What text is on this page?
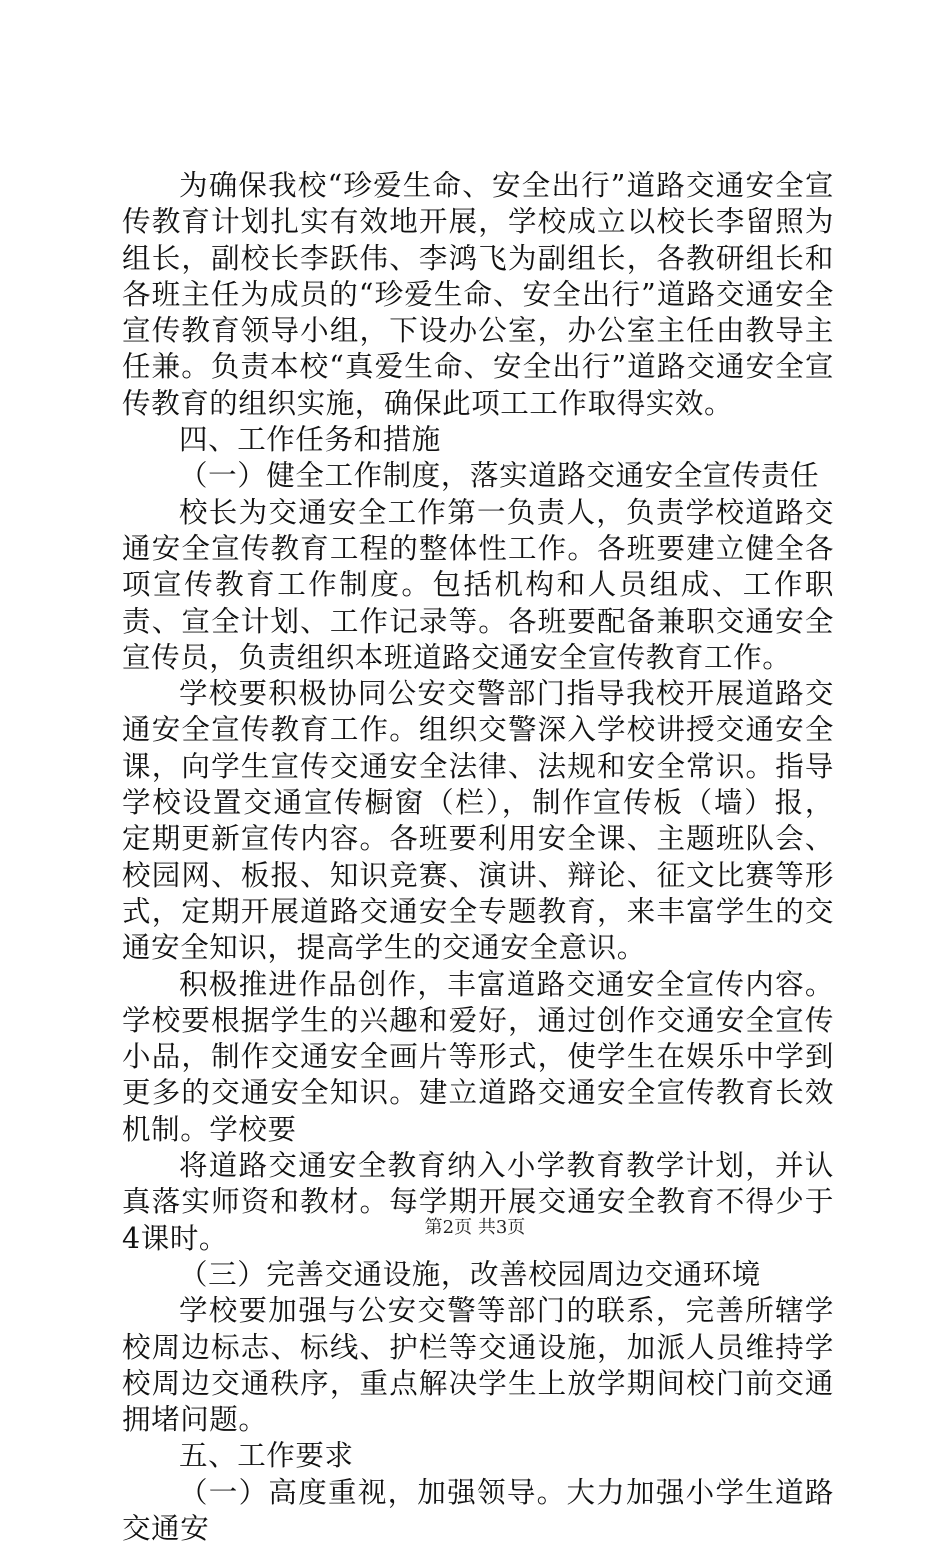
为确保我校“珍爱生命、安全出行”道路交通安全宣传教育计划扎实有效地开展，学校成立以校长李留照为组长，副校长李跃伟、李鸿飞为副组长，各教研组长和各班主任为成员的“珍爱生命、安全出行”道路交通安全宣传教育领导小组，下设办公室，办公室主任由教导主任兼。负责本校“真爱生命、安全出行”道路交通安全宣传教育的组织实施，确保此项工工作取得实效。

四、工作任务和措施

（一）健全工作制度，落实道路交通安全宣传责任

校长为交通安全工作第一负责人，负责学校道路交通安全宣传教育工程的整体性工作。各班要建立健全各项宣传教育工作制度。包括机构和人员组成、工作职责、宣全计划、工作记录等。各班要配备兼职交通安全宣传员，负责组织本班道路交通安全宣传教育工作。

学校要积极协同公安交警部门指导我校开展道路交通安全宣传教育工作。组织交警深入学校讲授交通安全课，向学生宣传交通安全法律、法规和安全常识。指导学校设置交通宣传橱窗（栏），制作宣传板（墙）报，定期更新宣传内容。各班要利用安全课、主题班队会、校园网、板报、知识竞赛、演讲、辩论、征文比赛等形式，定期开展道路交通安全专题教育，来丰富学生的交通安全知识，提高学生的交通安全意识。

积极推进作品创作，丰富道路交通安全宣传内容。学校要根据学生的兴趣和爱好，通过创作交通安全宣传小品，制作交通安全画片等形式，使学生在娱乐中学到更多的交通安全知识。建立道路交通安全宣传教育长效机制。学校要

将道路交通安全教育纳入小学教育教学计划，并认真落实师资和教材。每学期开展交通安全教育不得少于4课时。

（三）完善交通设施，改善校园周边交通环境

学校要加强与公安交警等部门的联系，完善所辖学校周边标志、标线、护栏等交通设施，加派人员维持学校周边交通秩序，重点解决学生上放学期间校门前交通拥堵问题。

五、工作要求

（一）高度重视，加强领导。大力加强小学生道路交通安

第2页 共3页
